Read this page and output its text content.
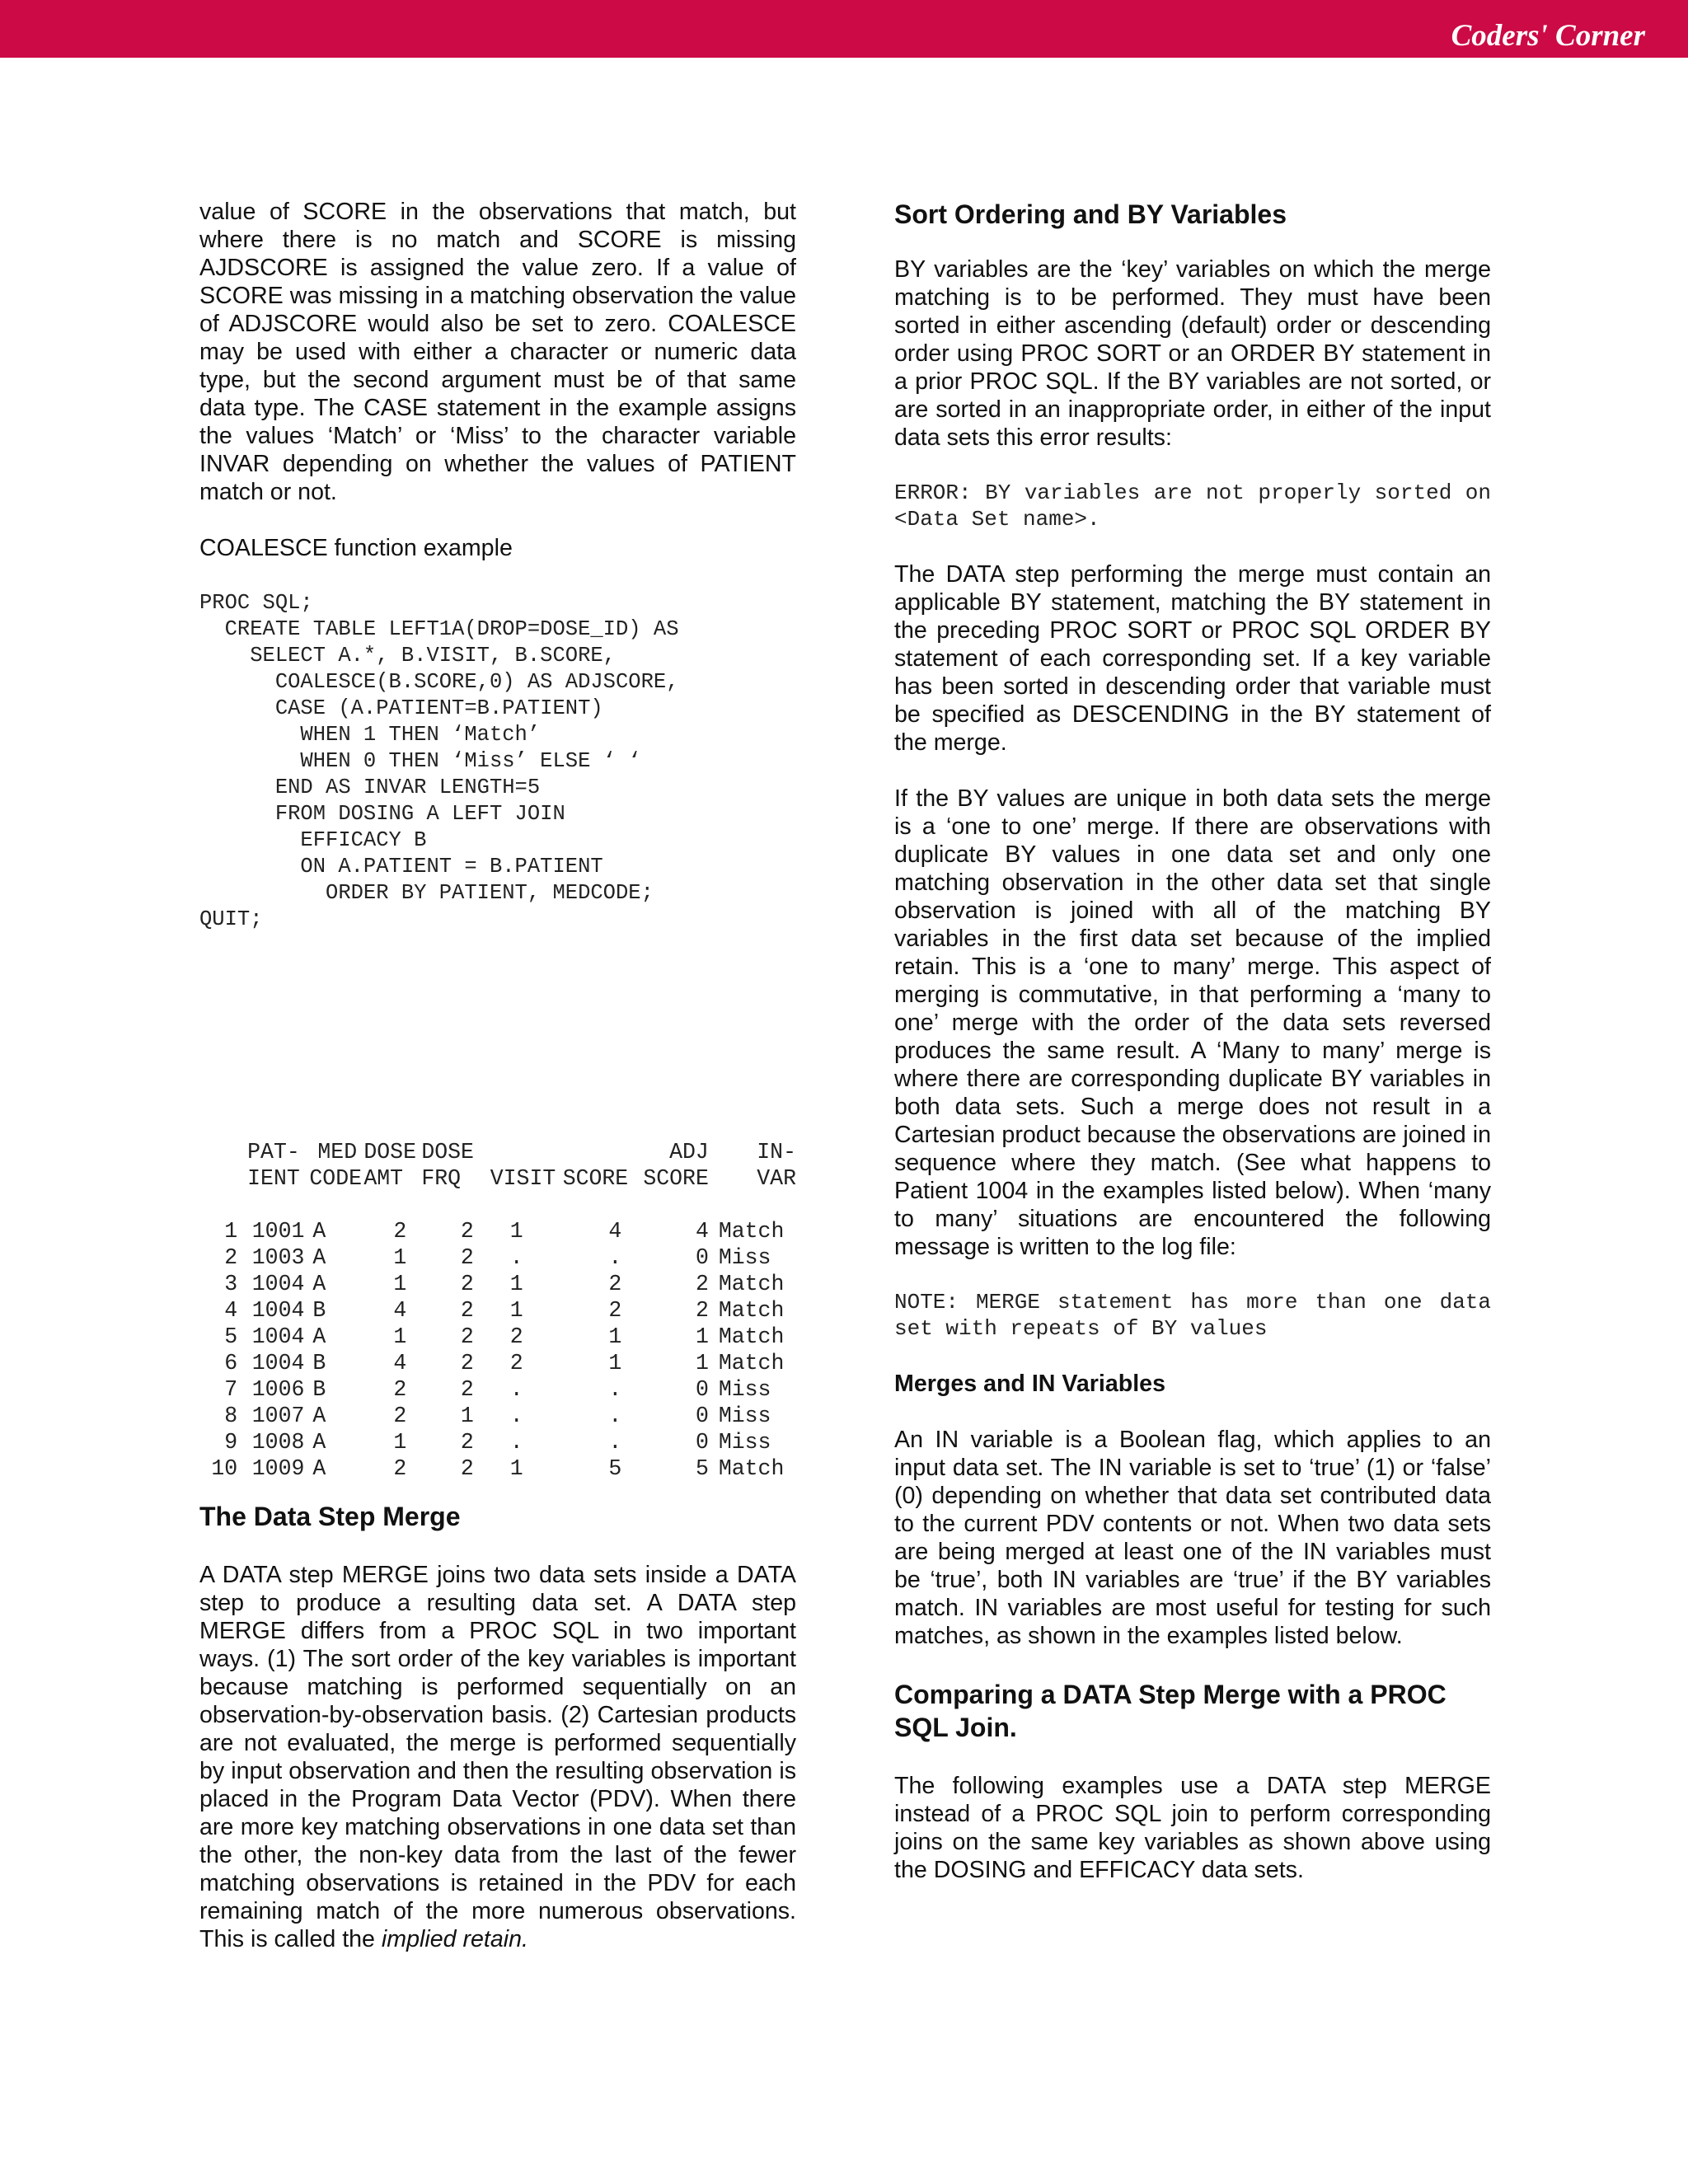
Coders' Corner

value of SCORE in the observations that match, but where there is no match and SCORE is missing AJDSCORE is assigned the value zero. If a value of SCORE was missing in a matching observation the value of ADJSCORE would also be set to zero. COALESCE may be used with either a character or numeric data type, but the second argument must be of that same data type. The CASE statement in the example assigns the values ‘Match’ or ‘Miss’ to the character variable INVAR depending on whether the values of PATIENT match or not.

COALESCE function example

PROC SQL;
CREATE TABLE LEFT1A(DROP=DOSE_ID) AS
SELECT A.*, B.VISIT, B.SCORE,
COALESCE(B.SCORE,0) AS ADJSCORE,
CASE (A.PATIENT=B.PATIENT)
WHEN 1 THEN ‘Match’
WHEN 0 THEN ‘Miss’ ELSE ‘ ‘
END AS INVAR LENGTH=5
FROM DOSING A LEFT JOIN
EFFICACY B
ON A.PATIENT = B.PATIENT
ORDER BY PATIENT, MEDCODE;
QUIT;
	PAT-	MED	DOSE	DOSE			ADJ	IN-
	IENT	CODE	AMT	FRQ	VISIT	SCORE	SCORE	VAR

1	1001	A	2	2	1	4	4	Match
2	1003	A	1	2	.	.	0	Miss
3	1004	A	1	2	1	2	2	Match
4	1004	B	4	2	1	2	2	Match
5	1004	A	1	2	2	1	1	Match
6	1004	B	4	2	2	1	1	Match
7	1006	B	2	2	.	.	0	Miss
8	1007	A	2	1	.	.	0	Miss
9	1008	A	1	2	.	.	0	Miss
10	1009	A	2	2	1	5	5	Match
The Data Step Merge

A DATA step MERGE joins two data sets inside a DATA step to produce a resulting data set. A DATA step MERGE differs from a PROC SQL in two important ways. (1) The sort order of the key variables is important because matching is performed sequentially on an observation-by-observation basis. (2) Cartesian products are not evaluated, the merge is performed sequentially by input observation and then the resulting observation is placed in the Program Data Vector (PDV). When there are more key matching observations in one data set than the other, the non-key data from the last of the fewer matching observations is retained in the PDV for each remaining match of the more numerous observations. This is called the implied retain.

Sort Ordering and BY Variables

BY variables are the ‘key’ variables on which the merge matching is to be performed. They must have been sorted in either ascending (default) order or descending order using PROC SORT or an ORDER BY statement in a prior PROC SQL. If the BY variables are not sorted, or are sorted in an inappropriate order, in either of the input data sets this error results:

ERROR: BY variables are not properly sorted on <Data Set name>.

The DATA step performing the merge must contain an applicable BY statement, matching the BY statement in the preceding PROC SORT or PROC SQL ORDER BY statement of each corresponding set. If a key variable has been sorted in descending order that variable must be specified as DESCENDING in the BY statement of the merge.

If the BY values are unique in both data sets the merge is a ‘one to one’ merge. If there are observations with duplicate BY values in one data set and only one matching observation in the other data set that single observation is joined with all of the matching BY variables in the first data set because of the implied retain. This is a ‘one to many’ merge. This aspect of merging is commutative, in that performing a ‘many to one’ merge with the order of the data sets reversed produces the same result. A ‘Many to many’ merge is where there are corresponding duplicate BY variables in both data sets. Such a merge does not result in a Cartesian product because the observations are joined in sequence where they match. (See what happens to Patient 1004 in the examples listed below). When ‘many to many’ situations are encountered the following message is written to the log file:

NOTE: MERGE statement has more than one data set with repeats of BY values
Merges and IN Variables

An IN variable is a Boolean flag, which applies to an input data set. The IN variable is set to ‘true’ (1) or ‘false’ (0) depending on whether that data set contributed data to the current PDV contents or not. When two data sets are being merged at least one of the IN variables must be ‘true’, both IN variables are ‘true’ if the BY variables match. IN variables are most useful for testing for such matches, as shown in the examples listed below.

Comparing a DATA Step Merge with a PROC SQL Join.

The following examples use a DATA step MERGE instead of a PROC SQL join to perform corresponding joins on the same key variables as shown above using the DOSING and EFFICACY data sets.
